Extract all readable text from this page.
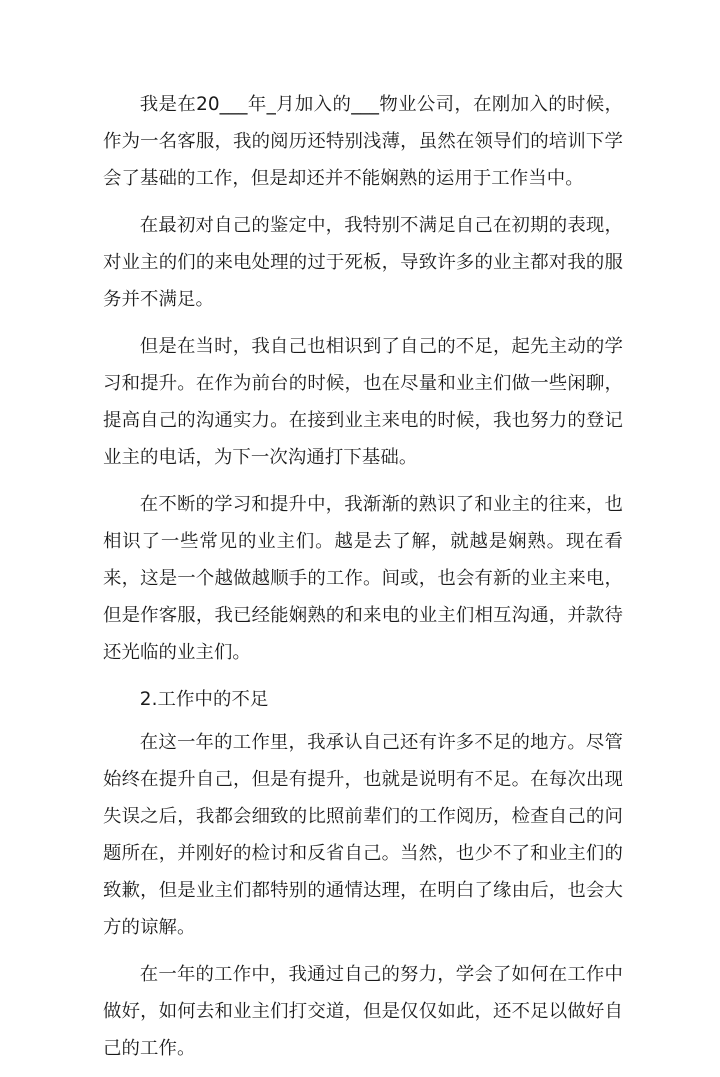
我是在20___年_月加入的___物业公司，在刚加入的时候，作为一名客服，我的阅历还特别浅薄，虽然在领导们的培训下学会了基础的工作，但是却还并不能娴熟的运用于工作当中。

在最初对自己的鉴定中，我特别不满足自己在初期的表现，对业主的们的来电处理的过于死板，导致许多的业主都对我的服务并不满足。

但是在当时，我自己也相识到了自己的不足，起先主动的学习和提升。在作为前台的时候，也在尽量和业主们做一些闲聊，提高自己的沟通实力。在接到业主来电的时候，我也努力的登记业主的电话，为下一次沟通打下基础。

在不断的学习和提升中，我渐渐的熟识了和业主的往来，也相识了一些常见的业主们。越是去了解，就越是娴熟。现在看来，这是一个越做越顺手的工作。间或，也会有新的业主来电，但是作客服，我已经能娴熟的和来电的业主们相互沟通，并款待还光临的业主们。

2.工作中的不足

在这一年的工作里，我承认自己还有许多不足的地方。尽管始终在提升自己，但是有提升，也就是说明有不足。在每次出现失误之后，我都会细致的比照前辈们的工作阅历，检查自己的问题所在，并刚好的检讨和反省自己。当然，也少不了和业主们的致歉，但是业主们都特别的通情达理，在明白了缘由后，也会大方的谅解。

在一年的工作中，我通过自己的努力，学会了如何在工作中做好，如何去和业主们打交道，但是仅仅如此，还不足以做好自己的工作。
